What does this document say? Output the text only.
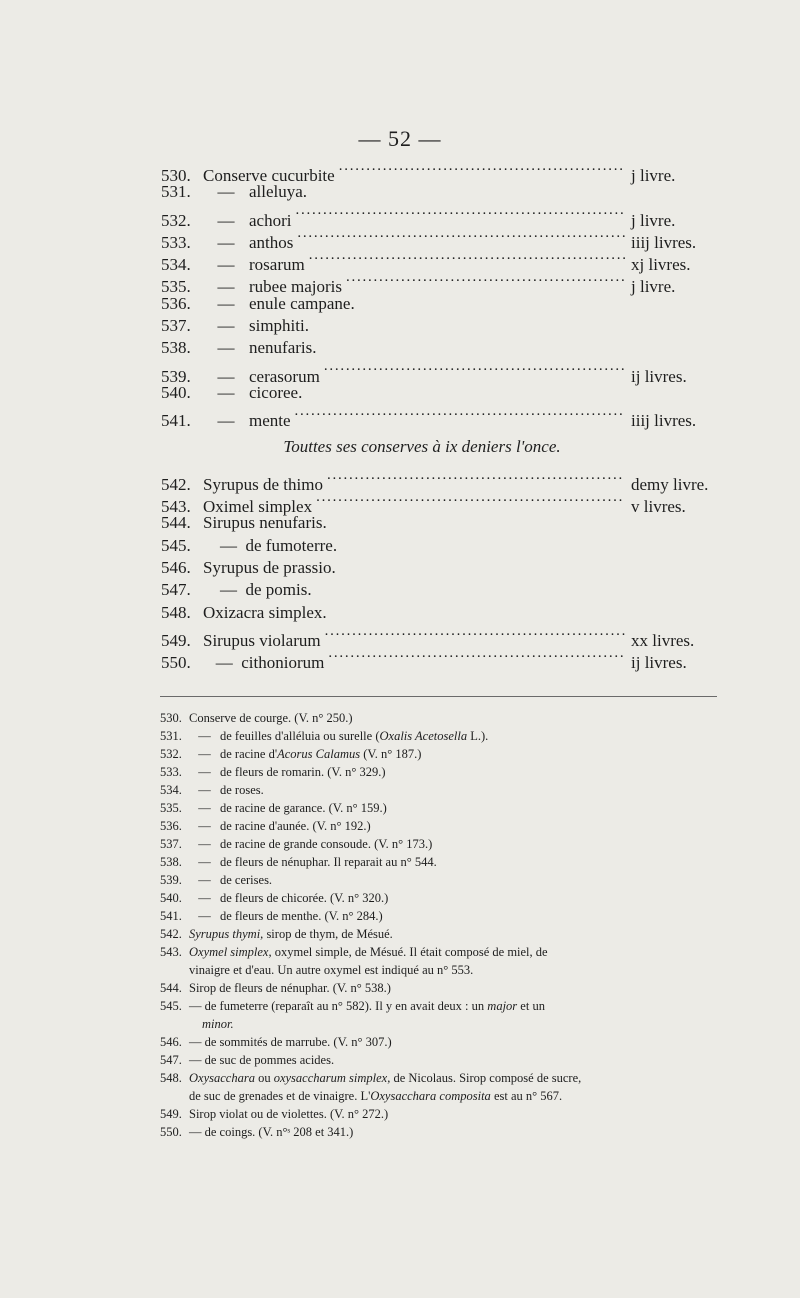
— 52 —
530. Conserve cucurbite . . .	j livre.
531.	— alleluya.
532.	— achori . . .	j livre.
533.	— anthos . . .	iiij livres.
534.	— rosarum . . .	xj livres.
535.	— rubee majoris . . .	j livre.
536.	— enule campane.
537.	— simphiti.
538.	— nenufaris.
539.	— cerasorum . . .	ij livres.
540.	— cicoree.
541.	— mente . . .	iiij livres.
Touttes ses conserves à ix deniers l'once.
542. Syrupus de thimo . . .	demy livre.
543. Oximel simplex . . .	v livres.
544. Sirupus nenufaris.
545. —  de fumoterre.
546. Syrupus de prassio.
547. —  de pomis.
548. Oxizacra simplex.
549. Sirupus violarum . . .	xx livres.
550. —  cithoniorum . . .	ij livres.
530. Conserve de courge. (V. n° 250.)
531.	— de feuilles d'alléluia ou surelle (Oxalis Acetosella L.).
532.	— de racine d'Acorus Calamus (V. n° 187.)
533.	— de fleurs de romarin. (V. n° 329.)
534.	— de roses.
535.	— de racine de garance. (V. n° 159.)
536.	— de racine d'aunée. (V. n° 192.)
537.	— de racine de grande consoude. (V. n° 173.)
538.	— de fleurs de nénuphar. Il reparait au n° 544.
539.	— de cerises.
540.	— de fleurs de chicorée. (V. n° 320.)
541.	— de fleurs de menthe. (V. n° 284.)
542. Syrupus thymi, sirop de thym, de Mésué.
543. Oxymel simplex, oxymel simple, de Mésué. Il était composé de miel, de
vinaigre et d'eau. Un autre oxymel est indiqué au n° 553.
544. Sirop de fleurs de nénuphar. (V. n° 538.)
545. — de fumeterre (reparaît au n° 582). Il y en avait deux : un major et un
minor.
546. — de sommités de marrube. (V. n° 307.)
547. — de suc de pommes acides.
548. Oxysacchara ou oxysaccharum simplex, de Nicolaus. Sirop composé de sucre,
de suc de grenades et de vinaigre. L'Oxysacchara composita est au n° 567.
549. Sirop violat ou de violettes. (V. n° 272.)
550. — de coings. (V. n°ˢ 208 et 341.)
